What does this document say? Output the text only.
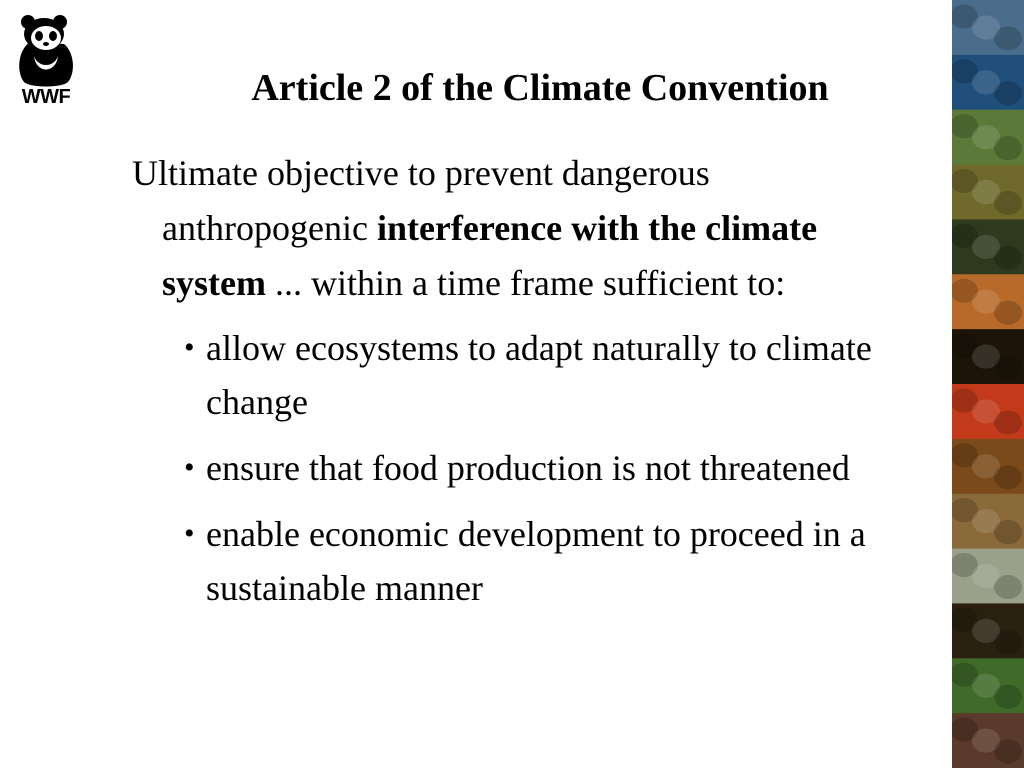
WWF	Article 2 of the Climate Convention
Ultimate objective to prevent dangerous anthropogenic interference with the climate system ... within a time frame sufficient to:
• allow ecosystems to adapt naturally to climate change
• ensure that food production is not threatened
• enable economic development to proceed in a sustainable manner
